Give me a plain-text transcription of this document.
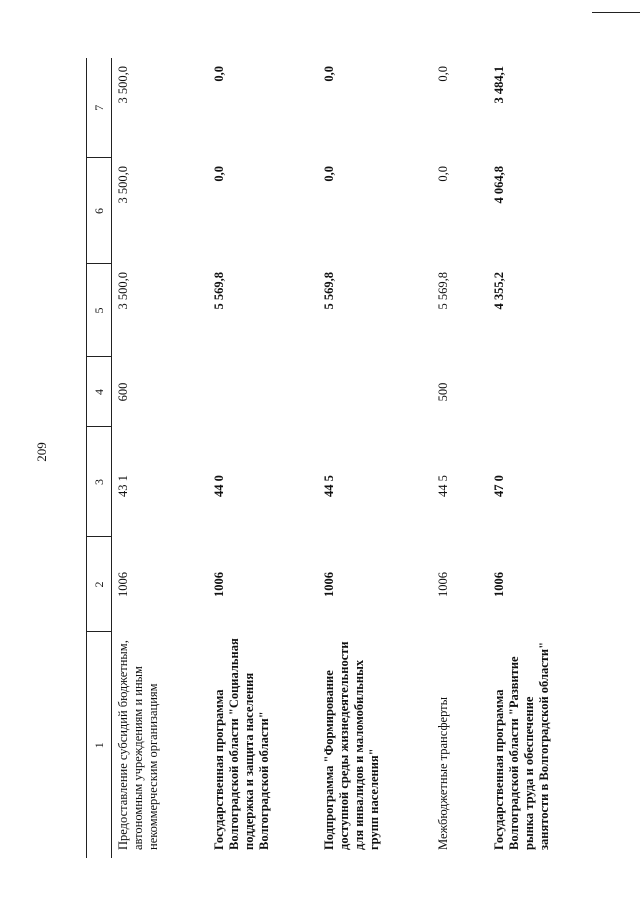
209
1	2	3	4	5	6	7
Предоставление субсидий бюджетным, автономным учреждениям и иным некоммерческим организациям	1006	43 1	600	3 500,0	3 500,0	3 500,0
Государственная программа Волгоградской области "Социальная поддержка и защита населения Волгоградской области"	1006	44 0		5 569,8	0,0	0,0
Подпрограмма "Формирование доступной среды жизнедеятельности для инвалидов и маломобильных групп населения"	1006	44 5		5 569,8	0,0	0,0
Межбюджетные трансферты	1006	44 5	500	5 569,8	0,0	0,0
Государственная программа Волгоградской области "Развитие рынка труда и обеспечение занятости в Волгоградской области"	1006	47 0		4 355,2	4 064,8	3 484,1
